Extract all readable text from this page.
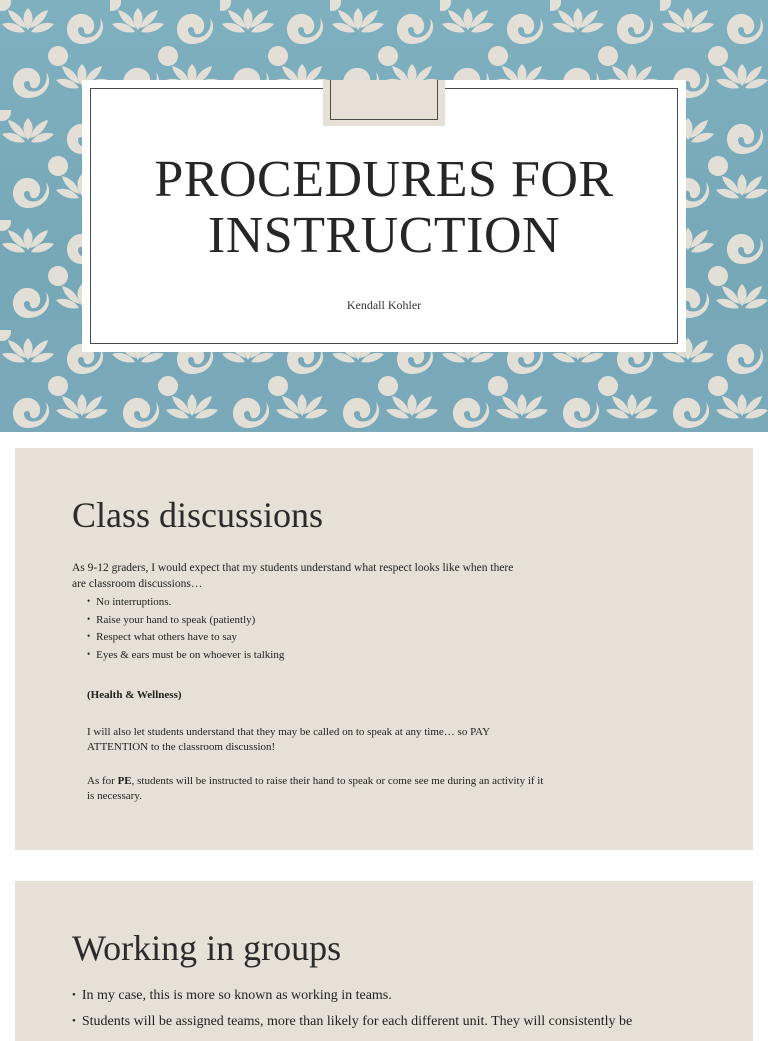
PROCEDURES FOR
INSTRUCTION
Kendall Kohler
Class discussions
As 9-12 graders, I would expect that my students understand what respect looks like when there
are classroom discussions…
• No interruptions.
• Raise your hand to speak (patiently)
• Respect what others have to say
• Eyes & ears must be on whoever is talking
(Health & Wellness)
I will also let students understand that they may be called on to speak at any time… so PAY
ATTENTION to the classroom discussion!
As for PE, students will be instructed to raise their hand to speak or come see me during an activity if it
is necessary.
Working in groups
• In my case, this is more so known as working in teams.
• Students will be assigned teams, more than likely for each different unit. They will consistently be
